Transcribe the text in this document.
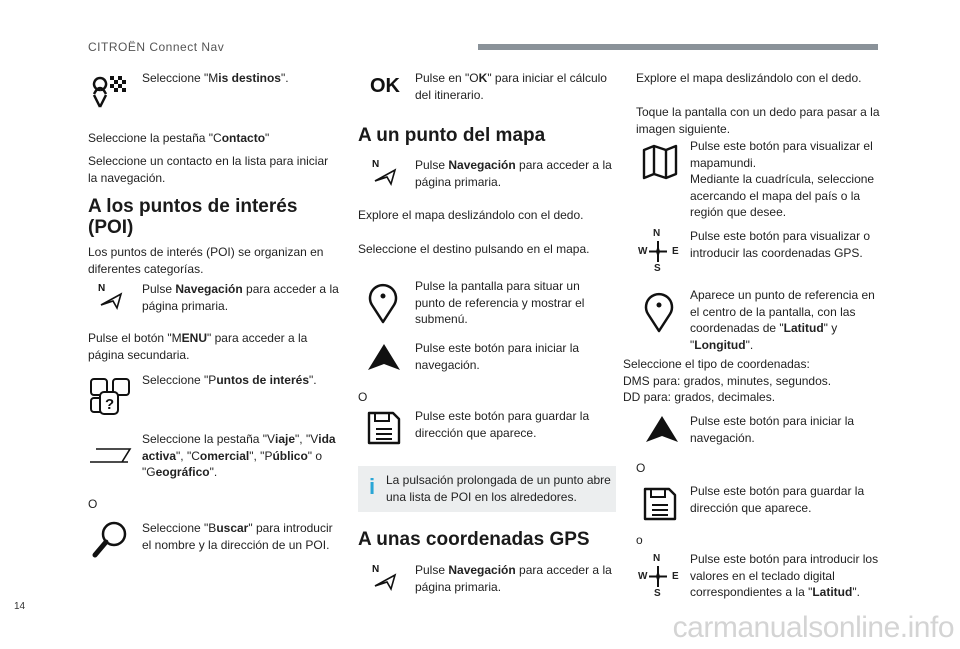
CITROËN Connect Nav
Seleccione "Mis destinos".
Seleccione la pestaña "Contacto"
Seleccione un contacto en la lista para iniciar la navegación.
A los puntos de interés (POI)
Los puntos de interés (POI) se organizan en diferentes categorías.
N	Pulse Navegación para acceder a la página primaria.
Pulse el botón "MENU" para acceder a la página secundaria.
?
Seleccione "Puntos de interés".
Seleccione la pestaña "Viaje", "Vida activa", "Comercial", "Público" o "Geográfico".
O
Seleccione "Buscar" para introducir el nombre y la dirección de un POI.
OK Pulse en "OK" para iniciar el cálculo del itinerario.
A un punto del mapa
N	Pulse Navegación para acceder a la página primaria.
Explore el mapa deslizándolo con el dedo.
Seleccione el destino pulsando en el mapa.
Pulse la pantalla para situar un punto de referencia y mostrar el submenú.
Pulse este botón para iniciar la navegación.
O
Pulse este botón para guardar la dirección que aparece.
i La pulsación prolongada de un punto abre una lista de POI en los alrededores.
A unas coordenadas GPS
N	Pulse Navegación para acceder a la página primaria.
Explore el mapa deslizándolo con el dedo.
Toque la pantalla con un dedo para pasar a la imagen siguiente.
Pulse este botón para visualizar el mapamundi.
Mediante la cuadrícula, seleccione acercando el mapa del país o la región que desee.
N
W E
S
Pulse este botón para visualizar o introducir las coordenadas GPS.
Aparece un punto de referencia en el centro de la pantalla, con las coordenadas de "Latitud" y "Longitud".
Seleccione el tipo de coordenadas:
DMS para: grados, minutes, segundos.
DD para: grados, decimales.
Pulse este botón para iniciar la navegación.
O
Pulse este botón para guardar la dirección que aparece.
o
N
W E
S
Pulse este botón para introducir los valores en el teclado digital correspondientes a la "Latitud".
14
carmanualsonline.info
